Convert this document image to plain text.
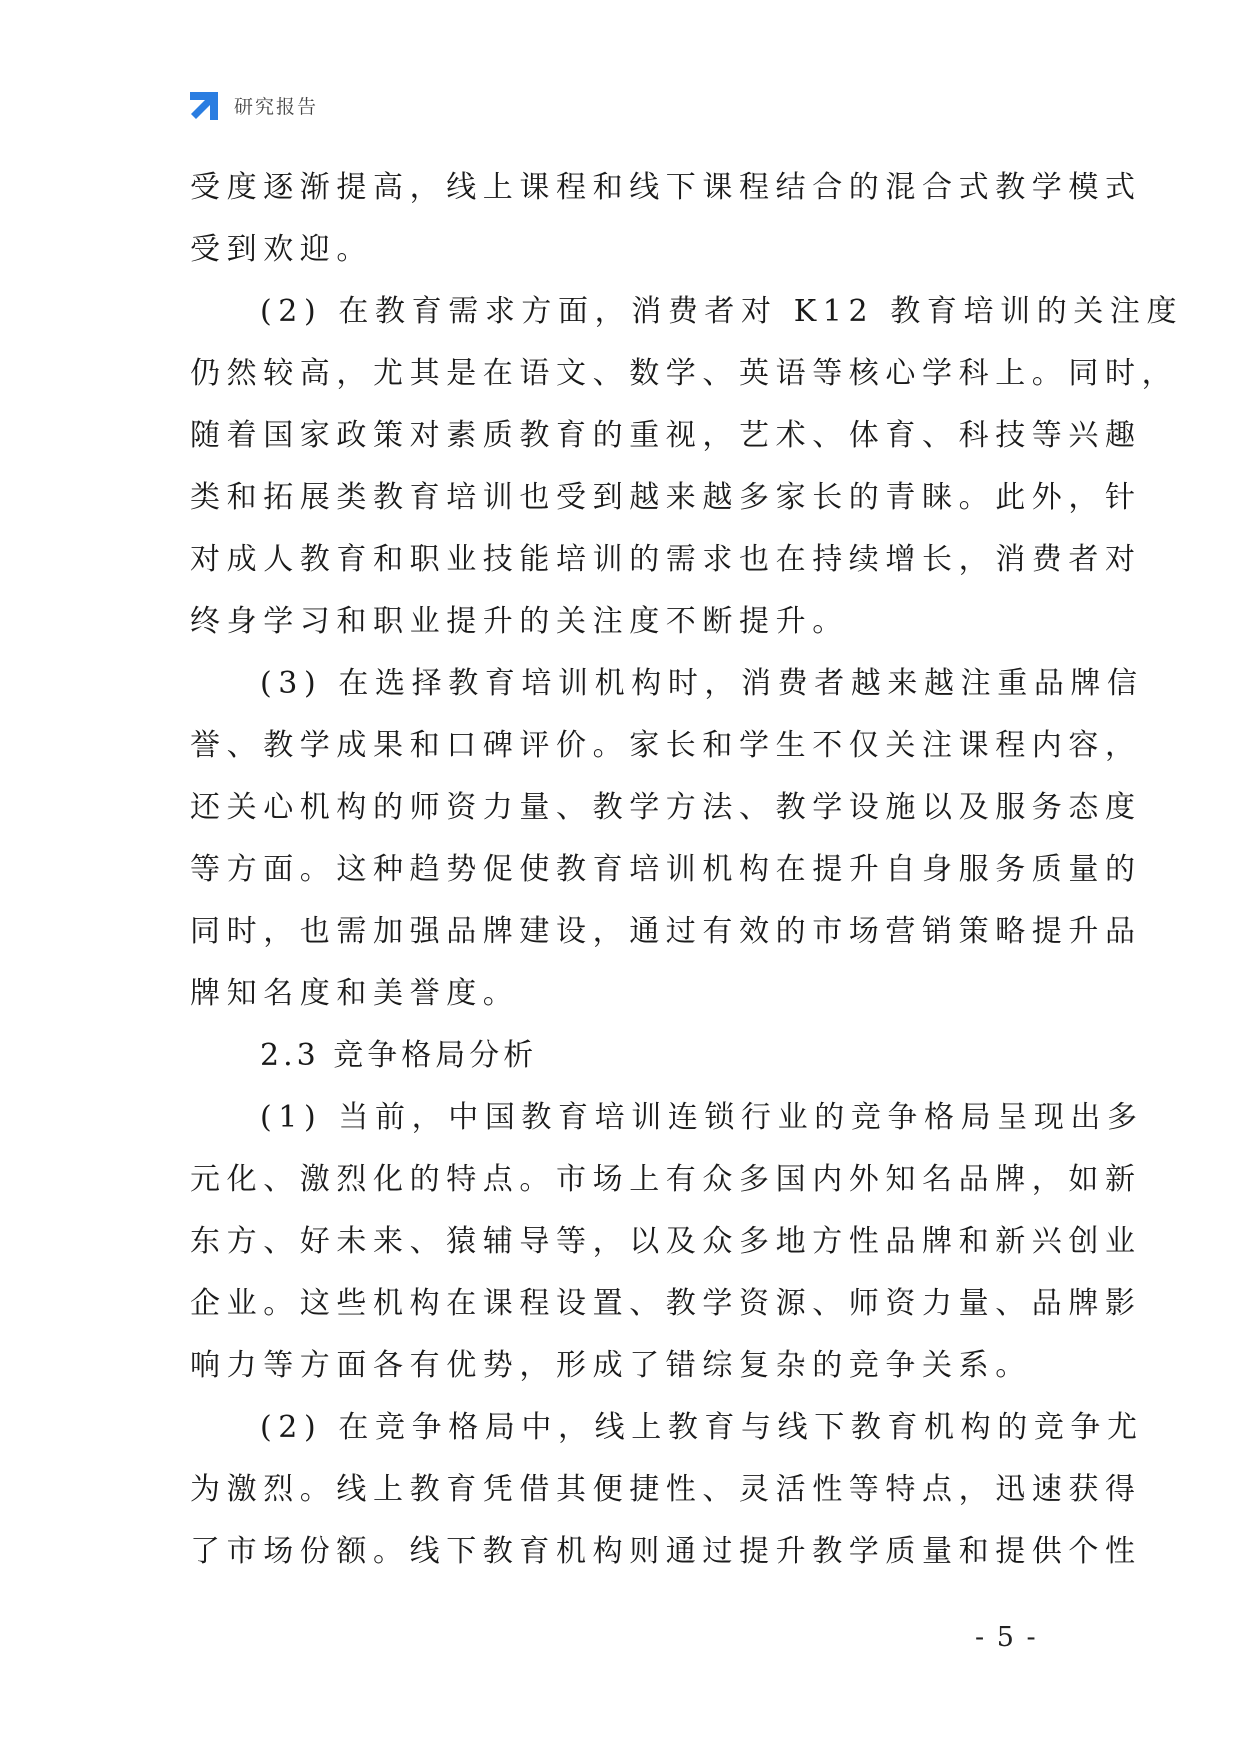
研究报告
受度逐渐提高，线上课程和线下课程结合的混合式教学模式
受到欢迎。
(2) 在教育需求方面，消费者对 K12 教育培训的关注度
仍然较高，尤其是在语文、数学、英语等核心学科上。同时，
随着国家政策对素质教育的重视，艺术、体育、科技等兴趣
类和拓展类教育培训也受到越来越多家长的青睐。此外，针
对成人教育和职业技能培训的需求也在持续增长，消费者对
终身学习和职业提升的关注度不断提升。
(3) 在选择教育培训机构时，消费者越来越注重品牌信
誉、教学成果和口碑评价。家长和学生不仅关注课程内容，
还关心机构的师资力量、教学方法、教学设施以及服务态度
等方面。这种趋势促使教育培训机构在提升自身服务质量的
同时，也需加强品牌建设，通过有效的市场营销策略提升品
牌知名度和美誉度。
2.3 竞争格局分析
(1) 当前，中国教育培训连锁行业的竞争格局呈现出多
元化、激烈化的特点。市场上有众多国内外知名品牌，如新
东方、好未来、猿辅导等，以及众多地方性品牌和新兴创业
企业。这些机构在课程设置、教学资源、师资力量、品牌影
响力等方面各有优势，形成了错综复杂的竞争关系。
(2) 在竞争格局中，线上教育与线下教育机构的竞争尤
为激烈。线上教育凭借其便捷性、灵活性等特点，迅速获得
了市场份额。线下教育机构则通过提升教学质量和提供个性
- 5 -
